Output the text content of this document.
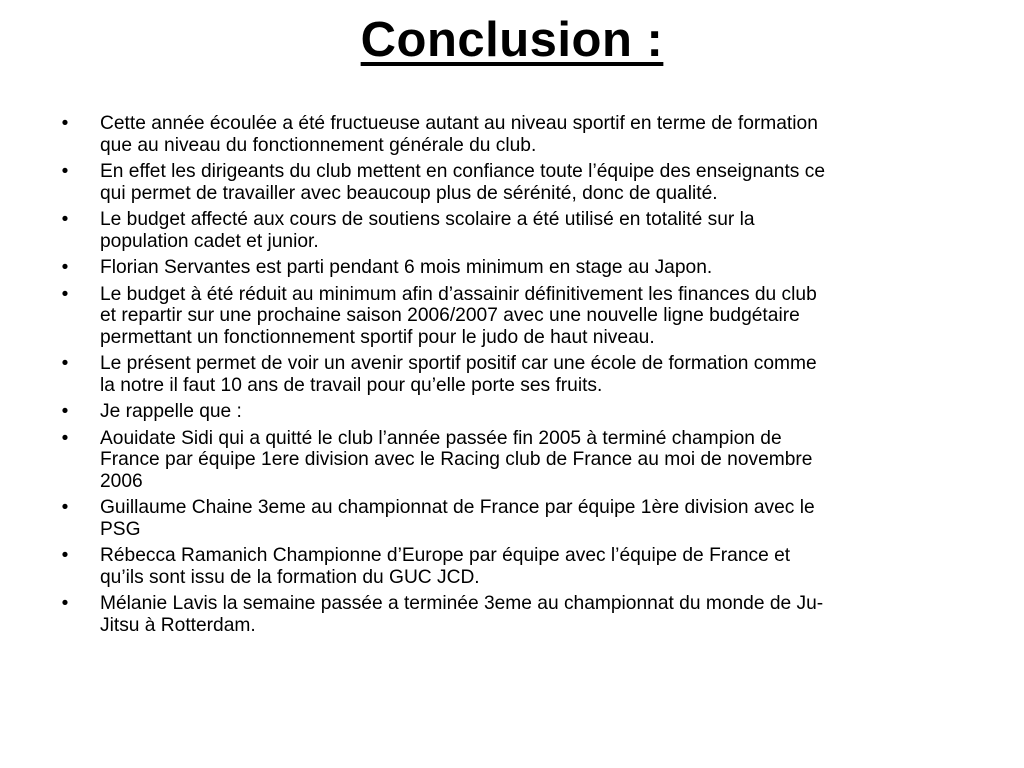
Conclusion :
• Cette année écoulée a été fructueuse autant au niveau sportif en terme de formation
que au niveau du fonctionnement générale du club.
• En effet les dirigeants du club mettent en confiance toute l’équipe des enseignants ce
qui permet de travailler avec beaucoup plus de sérénité, donc de qualité.
• Le budget affecté aux cours de soutiens scolaire a été utilisé en totalité sur la
population cadet et junior.
• Florian Servantes est parti pendant 6 mois minimum en stage au Japon.
• Le budget à été réduit au minimum afin d’assainir définitivement les finances du club
et repartir sur une prochaine saison 2006/2007 avec une nouvelle ligne budgétaire
permettant un fonctionnement sportif pour le judo de haut niveau.
• Le présent permet de voir un avenir sportif positif car une école de formation comme
la notre il faut 10 ans de travail pour qu’elle porte ses fruits.
• Je rappelle que :
• Aouidate Sidi qui a quitté le club l’année passée fin 2005 à terminé champion de
France par équipe 1ere division avec le Racing club de France au moi de novembre
2006
• Guillaume Chaine 3eme au championnat de France par équipe 1ère division avec le
PSG
• Rébecca Ramanich Championne d’Europe par équipe avec l’équipe de France et
qu’ils sont issu de la formation du GUC JCD.
• Mélanie Lavis la semaine passée a terminée 3eme au championnat du monde de Ju-
Jitsu à Rotterdam.
